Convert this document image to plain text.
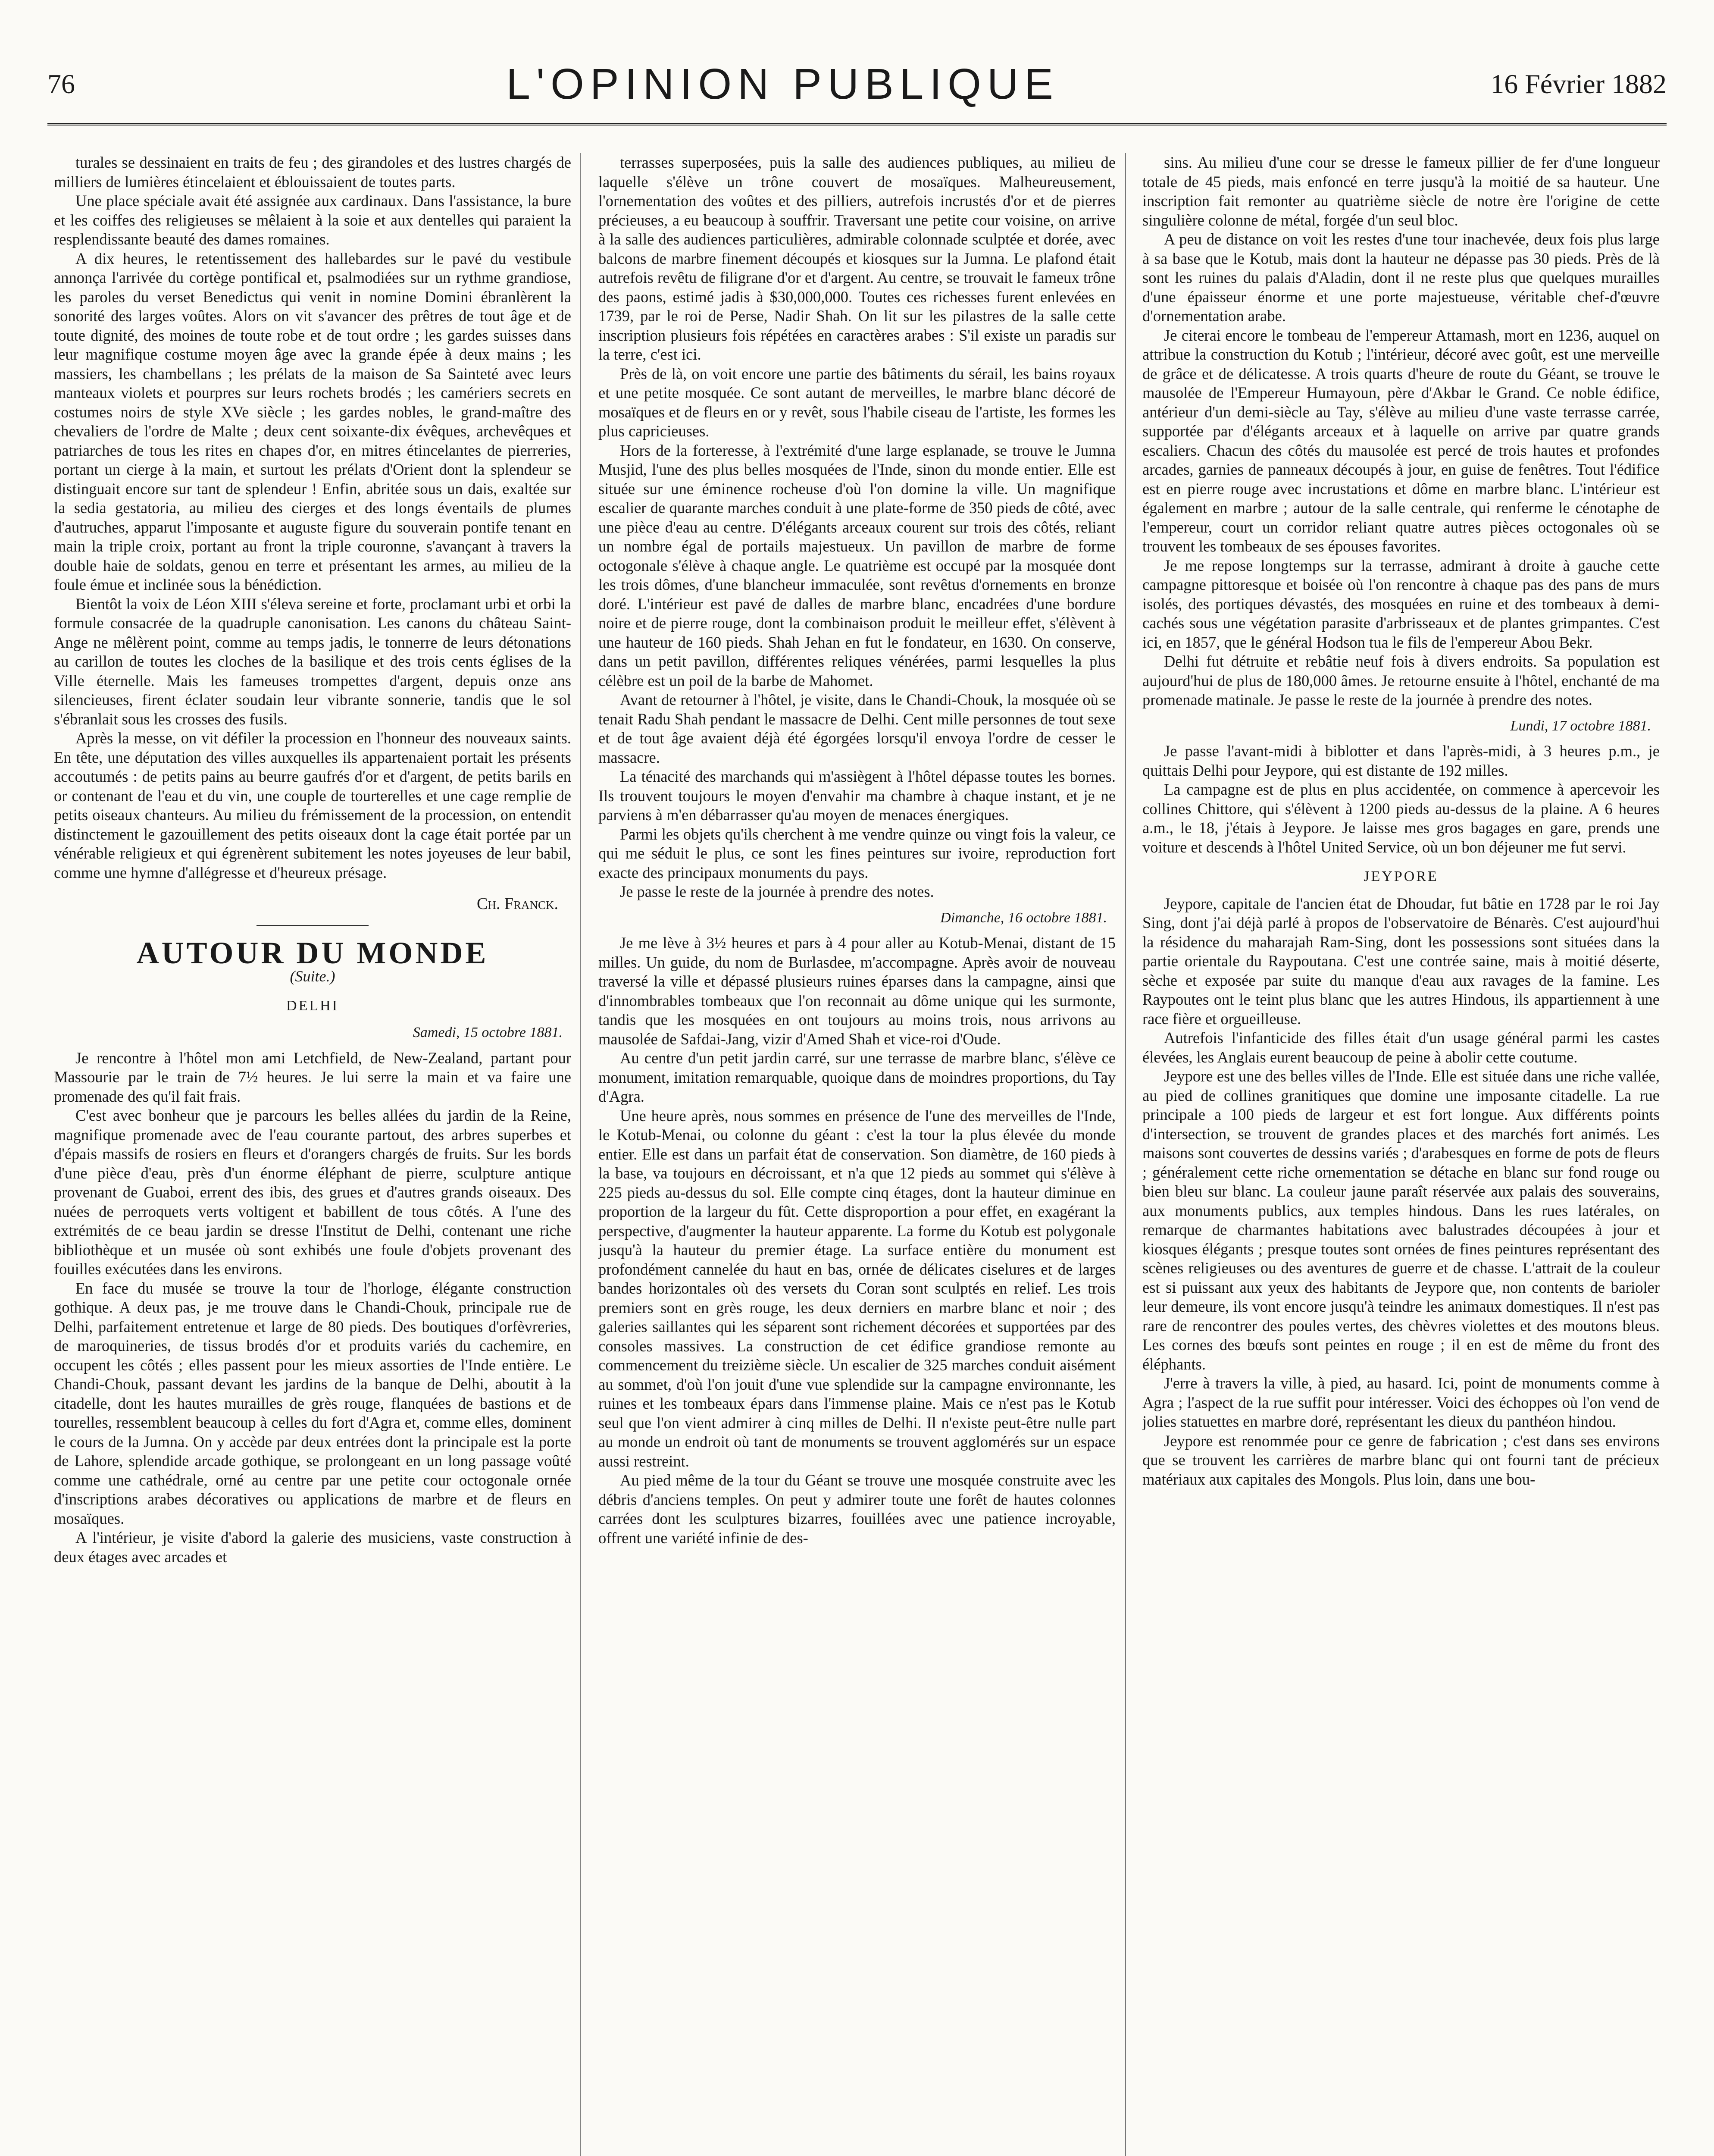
76	L'OPINION PUBLIQUE	16 Février 1882

turales se dessinaient en traits de feu ; des girandoles et des lustres chargés de milliers de lumières étincelaient et éblouissaient de toutes parts.

Une place spéciale avait été assignée aux cardinaux. Dans l'assistance, la bure et les coiffes des religieuses se mêlaient à la soie et aux dentelles qui paraient la resplendissante beauté des dames romaines.

A dix heures, le retentissement des hallebardes sur le pavé du vestibule annonça l'arrivée du cortège pontifical et, psalmodiées sur un rythme grandiose, les paroles du verset Benedictus qui venit in nomine Domini ébranlèrent la sonorité des larges voûtes. Alors on vit s'avancer des prêtres de tout âge et de toute dignité, des moines de toute robe et de tout ordre ; les gardes suisses dans leur magnifique costume moyen âge avec la grande épée à deux mains ; les massiers, les chambellans ; les prélats de la maison de Sa Sainteté avec leurs manteaux violets et pourpres sur leurs rochets brodés ; les camériers secrets en costumes noirs de style XVe siècle ; les gardes nobles, le grand-maître des chevaliers de l'ordre de Malte ; deux cent soixante-dix évêques, archevêques et patriarches de tous les rites en chapes d'or, en mitres étincelantes de pierreries, portant un cierge à la main, et surtout les prélats d'Orient dont la splendeur se distinguait encore sur tant de splendeur ! Enfin, abritée sous un dais, exaltée sur la sedia gestatoria, au milieu des cierges et des longs éventails de plumes d'autruches, apparut l'imposante et auguste figure du souverain pontife tenant en main la triple croix, portant au front la triple couronne, s'avançant à travers la double haie de soldats, genou en terre et présentant les armes, au milieu de la foule émue et inclinée sous la bénédiction.

Bientôt la voix de Léon XIII s'éleva sereine et forte, proclamant urbi et orbi la formule consacrée de la quadruple canonisation. Les canons du château Saint-Ange ne mêlèrent point, comme au temps jadis, le tonnerre de leurs détonations au carillon de toutes les cloches de la basilique et des trois cents églises de la Ville éternelle. Mais les fameuses trompettes d'argent, depuis onze ans silencieuses, firent éclater soudain leur vibrante sonnerie, tandis que le sol s'ébranlait sous les crosses des fusils.

Après la messe, on vit défiler la procession en l'honneur des nouveaux saints. En tête, une députation des villes auxquelles ils appartenaient portait les présents accoutumés : de petits pains au beurre gaufrés d'or et d'argent, de petits barils en or contenant de l'eau et du vin, une couple de tourterelles et une cage remplie de petits oiseaux chanteurs. Au milieu du frémissement de la procession, on entendit distinctement le gazouillement des petits oiseaux dont la cage était portée par un vénérable religieux et qui égrenèrent subitement les notes joyeuses de leur babil, comme une hymne d'allégresse et d'heureux présage.

Ch. Franck.
AUTOUR DU MONDE
(Suite.)
DELHI
Samedi, 15 octobre 1881.

Je rencontre à l'hôtel mon ami Letchfield, de New-Zealand, partant pour Massourie par le train de 7½ heures. Je lui serre la main et va faire une promenade des qu'il fait frais.

C'est avec bonheur que je parcours les belles allées du jardin de la Reine, magnifique promenade avec de l'eau courante partout, des arbres superbes et d'épais massifs de rosiers en fleurs et d'orangers chargés de fruits. Sur les bords d'une pièce d'eau, près d'un énorme éléphant de pierre, sculpture antique provenant de Guaboi, errent des ibis, des grues et d'autres grands oiseaux. Des nuées de perroquets verts voltigent et babillent de tous côtés. A l'une des extrémités de ce beau jardin se dresse l'Institut de Delhi, contenant une riche bibliothèque et un musée où sont exhibés une foule d'objets provenant des fouilles exécutées dans les environs.

En face du musée se trouve la tour de l'horloge, élégante construction gothique. A deux pas, je me trouve dans le Chandi-Chouk, principale rue de Delhi, parfaitement entretenue et large de 80 pieds. Des boutiques d'orfèvreries, de maroquineries, de tissus brodés d'or et produits variés du cachemire, en occupent les côtés ; elles passent pour les mieux assorties de l'Inde entière. Le Chandi-Chouk, passant devant les jardins de la banque de Delhi, aboutit à la citadelle, dont les hautes murailles de grès rouge, flanquées de bastions et de tourelles, ressemblent beaucoup à celles du fort d'Agra et, comme elles, dominent le cours de la Jumna. On y accède par deux entrées dont la principale est la porte de Lahore, splendide arcade gothique, se prolongeant en un long passage voûté comme une cathédrale, orné au centre par une petite cour octogonale ornée d'inscriptions arabes décoratives ou applications de marbre et de fleurs en mosaïques.

A l'intérieur, je visite d'abord la galerie des musiciens, vaste construction à deux étages avec arcades et

terrasses superposées, puis la salle des audiences publiques, au milieu de laquelle s'élève un trône couvert de mosaïques. Malheureusement, l'ornementation des voûtes et des pilliers, autrefois incrustés d'or et de pierres précieuses, a eu beaucoup à souffrir. Traversant une petite cour voisine, on arrive à la salle des audiences particulières, admirable colonnade sculptée et dorée, avec balcons de marbre finement découpés et kiosques sur la Jumna. Le plafond était autrefois revêtu de filigrane d'or et d'argent. Au centre, se trouvait le fameux trône des paons, estimé jadis à $30,000,000. Toutes ces richesses furent enlevées en 1739, par le roi de Perse, Nadir Shah. On lit sur les pilastres de la salle cette inscription plusieurs fois répétées en caractères arabes : S'il existe un paradis sur la terre, c'est ici.

Près de là, on voit encore une partie des bâtiments du sérail, les bains royaux et une petite mosquée. Ce sont autant de merveilles, le marbre blanc décoré de mosaïques et de fleurs en or y revêt, sous l'habile ciseau de l'artiste, les formes les plus capricieuses.

Hors de la forteresse, à l'extrémité d'une large esplanade, se trouve le Jumna Musjid, l'une des plus belles mosquées de l'Inde, sinon du monde entier. Elle est située sur une éminence rocheuse d'où l'on domine la ville. Un magnifique escalier de quarante marches conduit à une plate-forme de 350 pieds de côté, avec une pièce d'eau au centre. D'élégants arceaux courent sur trois des côtés, reliant un nombre égal de portails majestueux. Un pavillon de marbre de forme octogonale s'élève à chaque angle. Le quatrième est occupé par la mosquée dont les trois dômes, d'une blancheur immaculée, sont revêtus d'ornements en bronze doré. L'intérieur est pavé de dalles de marbre blanc, encadrées d'une bordure noire et de pierre rouge, dont la combinaison produit le meilleur effet, s'élèvent à une hauteur de 160 pieds. Shah Jehan en fut le fondateur, en 1630. On conserve, dans un petit pavillon, différentes reliques vénérées, parmi lesquelles la plus célèbre est un poil de la barbe de Mahomet.

Avant de retourner à l'hôtel, je visite, dans le Chandi-Chouk, la mosquée où se tenait Radu Shah pendant le massacre de Delhi. Cent mille personnes de tout sexe et de tout âge avaient déjà été égorgées lorsqu'il envoya l'ordre de cesser le massacre.

La ténacité des marchands qui m'assiègent à l'hôtel dépasse toutes les bornes. Ils trouvent toujours le moyen d'envahir ma chambre à chaque instant, et je ne parviens à m'en débarrasser qu'au moyen de menaces énergiques.

Parmi les objets qu'ils cherchent à me vendre quinze ou vingt fois la valeur, ce qui me séduit le plus, ce sont les fines peintures sur ivoire, reproduction fort exacte des principaux monuments du pays.

Je passe le reste de la journée à prendre des notes.

Dimanche, 16 octobre 1881.

Je me lève à 3½ heures et pars à 4 pour aller au Kotub-Menai, distant de 15 milles. Un guide, du nom de Burlasdee, m'accompagne. Après avoir de nouveau traversé la ville et dépassé plusieurs ruines éparses dans la campagne, ainsi que d'innombrables tombeaux que l'on reconnait au dôme unique qui les surmonte, tandis que les mosquées en ont toujours au moins trois, nous arrivons au mausolée de Safdai-Jang, vizir d'Amed Shah et vice-roi d'Oude.

Au centre d'un petit jardin carré, sur une terrasse de marbre blanc, s'élève ce monument, imitation remarquable, quoique dans de moindres proportions, du Tay d'Agra.

Une heure après, nous sommes en présence de l'une des merveilles de l'Inde, le Kotub-Menai, ou colonne du géant : c'est la tour la plus élevée du monde entier. Elle est dans un parfait état de conservation. Son diamètre, de 160 pieds à la base, va toujours en décroissant, et n'a que 12 pieds au sommet qui s'élève à 225 pieds au-dessus du sol. Elle compte cinq étages, dont la hauteur diminue en proportion de la largeur du fût. Cette disproportion a pour effet, en exagérant la perspective, d'augmenter la hauteur apparente. La forme du Kotub est polygonale jusqu'à la hauteur du premier étage. La surface entière du monument est profondément cannelée du haut en bas, ornée de délicates ciselures et de larges bandes horizontales où des versets du Coran sont sculptés en relief. Les trois premiers sont en grès rouge, les deux derniers en marbre blanc et noir ; des galeries saillantes qui les séparent sont richement décorées et supportées par des consoles massives. La construction de cet édifice grandiose remonte au commencement du treizième siècle. Un escalier de 325 marches conduit aisément au sommet, d'où l'on jouit d'une vue splendide sur la campagne environnante, les ruines et les tombeaux épars dans l'immense plaine. Mais ce n'est pas le Kotub seul que l'on vient admirer à cinq milles de Delhi. Il n'existe peut-être nulle part au monde un endroit où tant de monuments se trouvent agglomérés sur un espace aussi restreint.

Au pied même de la tour du Géant se trouve une mosquée construite avec les débris d'anciens temples. On peut y admirer toute une forêt de hautes colonnes carrées dont les sculptures bizarres, fouillées avec une patience incroyable, offrent une variété infinie de des-

sins. Au milieu d'une cour se dresse le fameux pillier de fer d'une longueur totale de 45 pieds, mais enfoncé en terre jusqu'à la moitié de sa hauteur. Une inscription fait remonter au quatrième siècle de notre ère l'origine de cette singulière colonne de métal, forgée d'un seul bloc.

A peu de distance on voit les restes d'une tour inachevée, deux fois plus large à sa base que le Kotub, mais dont la hauteur ne dépasse pas 30 pieds. Près de là sont les ruines du palais d'Aladin, dont il ne reste plus que quelques murailles d'une épaisseur énorme et une porte majestueuse, véritable chef-d'œuvre d'ornementation arabe.

Je citerai encore le tombeau de l'empereur Attamash, mort en 1236, auquel on attribue la construction du Kotub ; l'intérieur, décoré avec goût, est une merveille de grâce et de délicatesse. A trois quarts d'heure de route du Géant, se trouve le mausolée de l'Empereur Humayoun, père d'Akbar le Grand. Ce noble édifice, antérieur d'un demi-siècle au Tay, s'élève au milieu d'une vaste terrasse carrée, supportée par d'élégants arceaux et à laquelle on arrive par quatre grands escaliers. Chacun des côtés du mausolée est percé de trois hautes et profondes arcades, garnies de panneaux découpés à jour, en guise de fenêtres. Tout l'édifice est en pierre rouge avec incrustations et dôme en marbre blanc. L'intérieur est également en marbre ; autour de la salle centrale, qui renferme le cénotaphe de l'empereur, court un corridor reliant quatre autres pièces octogonales où se trouvent les tombeaux de ses épouses favorites.

Je me repose longtemps sur la terrasse, admirant à droite à gauche cette campagne pittoresque et boisée où l'on rencontre à chaque pas des pans de murs isolés, des portiques dévastés, des mosquées en ruine et des tombeaux à demi-cachés sous une végétation parasite d'arbrisseaux et de plantes grimpantes. C'est ici, en 1857, que le général Hodson tua le fils de l'empereur Abou Bekr.

Delhi fut détruite et rebâtie neuf fois à divers endroits. Sa population est aujourd'hui de plus de 180,000 âmes. Je retourne ensuite à l'hôtel, enchanté de ma promenade matinale. Je passe le reste de la journée à prendre des notes.

Lundi, 17 octobre 1881.

Je passe l'avant-midi à biblotter et dans l'après-midi, à 3 heures p.m., je quittais Delhi pour Jeypore, qui est distante de 192 milles.

La campagne est de plus en plus accidentée, on commence à apercevoir les collines Chittore, qui s'élèvent à 1200 pieds au-dessus de la plaine. A 6 heures a.m., le 18, j'étais à Jeypore. Je laisse mes gros bagages en gare, prends une voiture et descends à l'hôtel United Service, où un bon déjeuner me fut servi.

JEYPORE

Jeypore, capitale de l'ancien état de Dhoudar, fut bâtie en 1728 par le roi Jay Sing, dont j'ai déjà parlé à propos de l'observatoire de Bénarès. C'est aujourd'hui la résidence du maharajah Ram-Sing, dont les possessions sont situées dans la partie orientale du Raypoutana. C'est une contrée saine, mais à moitié déserte, sèche et exposée par suite du manque d'eau aux ravages de la famine. Les Raypoutes ont le teint plus blanc que les autres Hindous, ils appartiennent à une race fière et orgueilleuse.

Autrefois l'infanticide des filles était d'un usage général parmi les castes élevées, les Anglais eurent beaucoup de peine à abolir cette coutume.

Jeypore est une des belles villes de l'Inde. Elle est située dans une riche vallée, au pied de collines granitiques que domine une imposante citadelle. La rue principale a 100 pieds de largeur et est fort longue. Aux différents points d'intersection, se trouvent de grandes places et des marchés fort animés. Les maisons sont couvertes de dessins variés ; d'arabesques en forme de pots de fleurs ; généralement cette riche ornementation se détache en blanc sur fond rouge ou bien bleu sur blanc. La couleur jaune paraît réservée aux palais des souverains, aux monuments publics, aux temples hindous. Dans les rues latérales, on remarque de charmantes habitations avec balustrades découpées à jour et kiosques élégants ; presque toutes sont ornées de fines peintures représentant des scènes religieuses ou des aventures de guerre et de chasse. L'attrait de la couleur est si puissant aux yeux des habitants de Jeypore que, non contents de barioler leur demeure, ils vont encore jusqu'à teindre les animaux domestiques. Il n'est pas rare de rencontrer des poules vertes, des chèvres violettes et des moutons bleus. Les cornes des bœufs sont peintes en rouge ; il en est de même du front des éléphants.

J'erre à travers la ville, à pied, au hasard. Ici, point de monuments comme à Agra ; l'aspect de la rue suffit pour intéresser. Voici des échoppes où l'on vend de jolies statuettes en marbre doré, représentant les dieux du panthéon hindou.

Jeypore est renommée pour ce genre de fabrication ; c'est dans ses environs que se trouvent les carrières de marbre blanc qui ont fourni tant de précieux matériaux aux capitales des Mongols. Plus loin, dans une bou-
